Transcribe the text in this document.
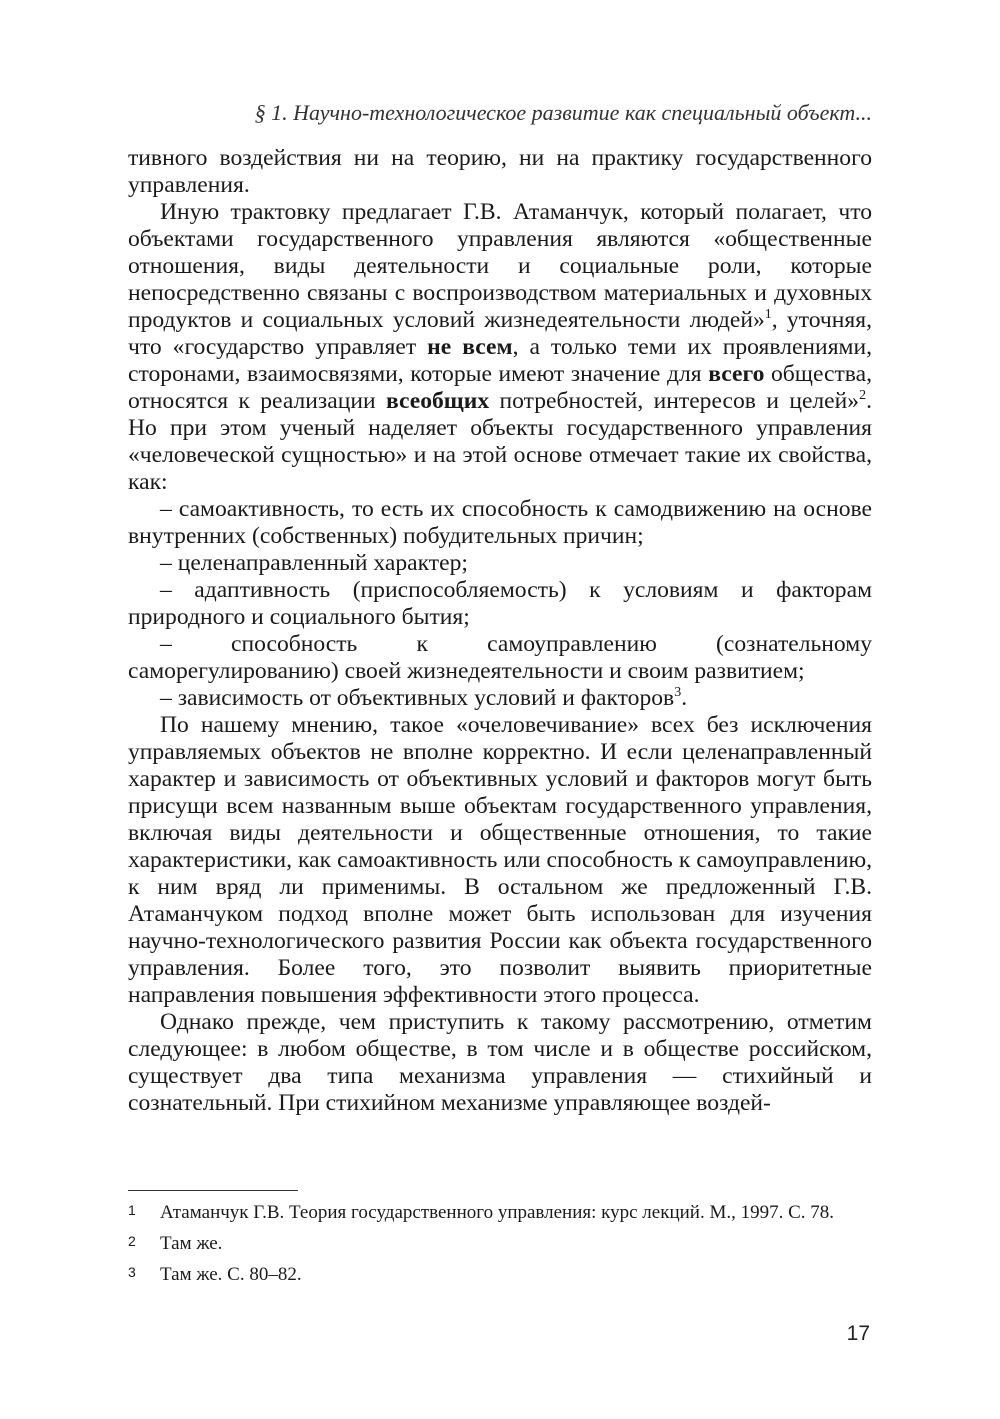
§ 1. Научно-технологическое развитие как специальный объект...

тивного воздействия ни на теорию, ни на практику государственного управления.

Иную трактовку предлагает Г.В. Атаманчук, который полагает, что объектами государственного управления являются «общественные отношения, виды деятельности и социальные роли, которые непосредственно связаны с воспроизводством материальных и духовных продуктов и социальных условий жизнедеятельности людей»$^1$, уточняя, что «государство управляет не всем, а только теми их проявлениями, сторонами, взаимосвязями, которые имеют значение для всего общества, относятся к реализации всеобщих потребностей, интересов и целей»$^2$. Но при этом ученый наделяет объекты государственного управления «человеческой сущностью» и на этой основе отмечает такие их свойства, как:

– самоактивность, то есть их способность к самодвижению на основе внутренних (собственных) побудительных причин;

– целенаправленный характер;

– адаптивность (приспособляемость) к условиям и факторам природного и социального бытия;

– способность к самоуправлению (сознательному саморегулированию) своей жизнедеятельности и своим развитием;

– зависимость от объективных условий и факторов$^3$.

По нашему мнению, такое «очеловечивание» всех без исключения управляемых объектов не вполне корректно. И если целенаправленный характер и зависимость от объективных условий и факторов могут быть присущи всем названным выше объектам государственного управления, включая виды деятельности и общественные отношения, то такие характеристики, как самоактивность или способность к самоуправлению, к ним вряд ли применимы. В остальном же предложенный Г.В. Атаманчуком подход вполне может быть использован для изучения научно-технологического развития России как объекта государственного управления. Более того, это позволит выявить приоритетные направления повышения эффективности этого процесса.

Однако прежде, чем приступить к такому рассмотрению, отметим следующее: в любом обществе, в том числе и в обществе российском, существует два типа механизма управления — стихийный и сознательный. При стихийном механизме управляющее воздей-

1	Атаманчук Г.В. Теория государственного управления: курс лекций. М., 1997. С. 78.
2	Там же.
3	Там же. С. 80–82.
17
